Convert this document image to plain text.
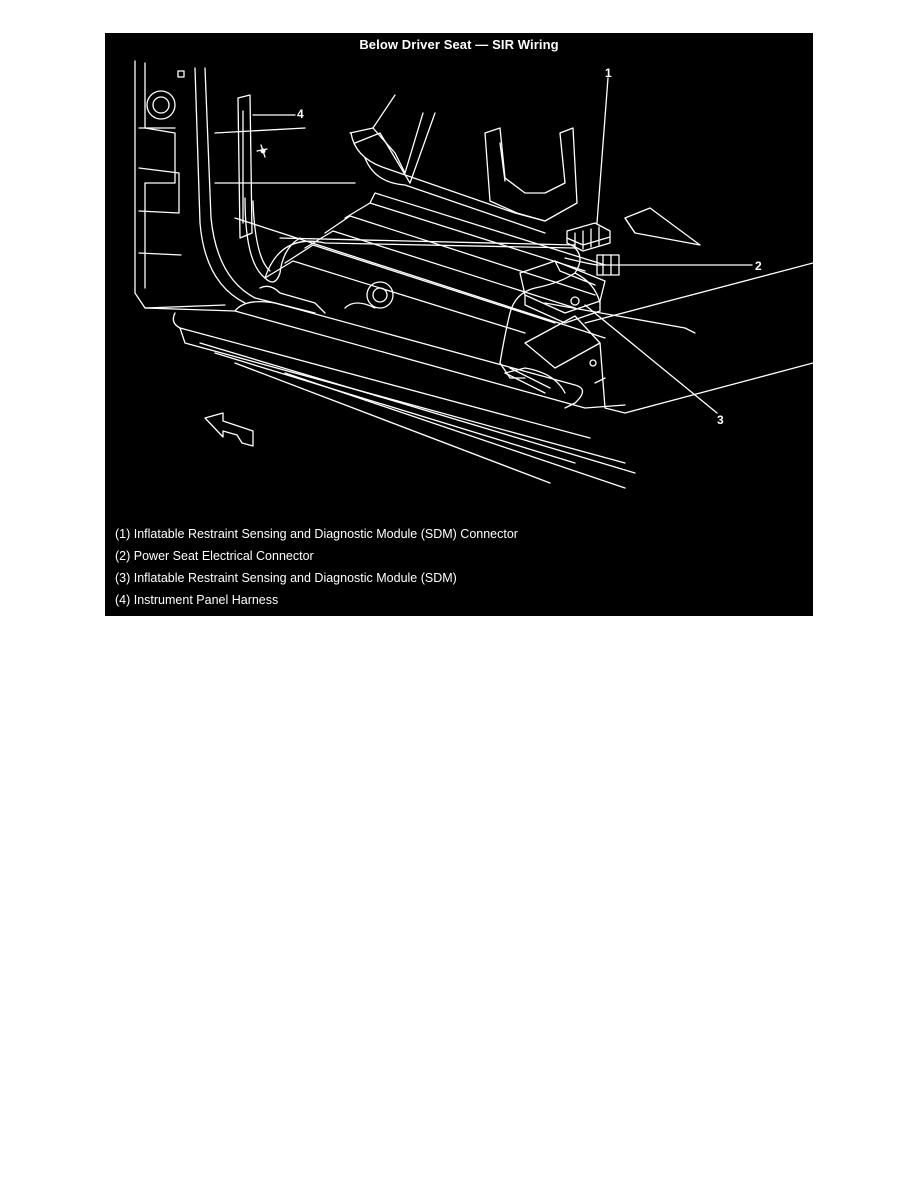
Below Driver Seat — SIR Wiring
1
2
3
4
(1) Inflatable Restraint Sensing and Diagnostic Module (SDM) Connector
(2) Power Seat Electrical Connector
(3) Inflatable Restraint Sensing and Diagnostic Module (SDM)
(4) Instrument Panel Harness
